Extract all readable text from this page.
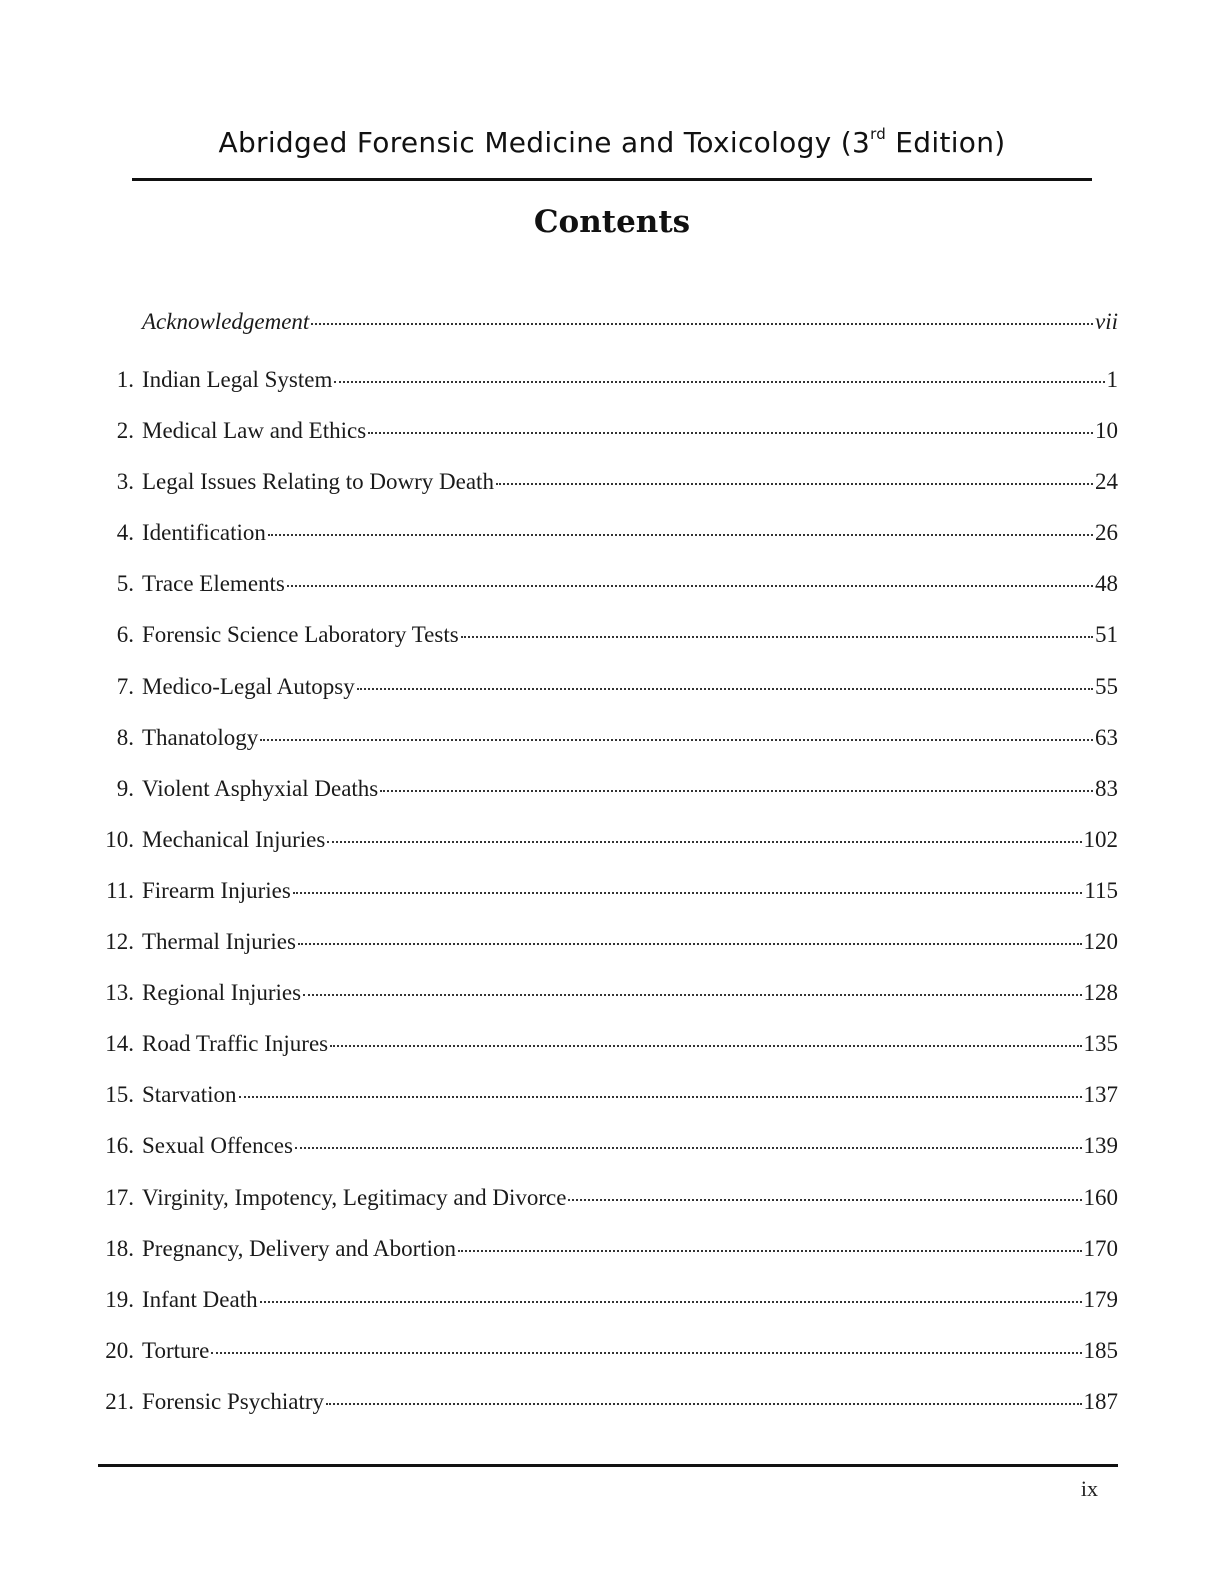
Abridged Forensic Medicine and Toxicology (3rd Edition)
Contents
Acknowledgement	vii
1. Indian Legal System	1
2. Medical Law and Ethics	10
3. Legal Issues Relating to Dowry Death	24
4. Identification	26
5. Trace Elements	48
6. Forensic Science Laboratory Tests	51
7. Medico-Legal Autopsy	55
8. Thanatology	63
9. Violent Asphyxial Deaths	83
10. Mechanical Injuries	102
11. Firearm Injuries	115
12. Thermal Injuries	120
13. Regional Injuries	128
14. Road Traffic Injures	135
15. Starvation	137
16. Sexual Offences	139
17. Virginity, Impotency, Legitimacy and Divorce	160
18. Pregnancy, Delivery and Abortion	170
19. Infant Death	179
20. Torture	185
21. Forensic Psychiatry	187
ix
